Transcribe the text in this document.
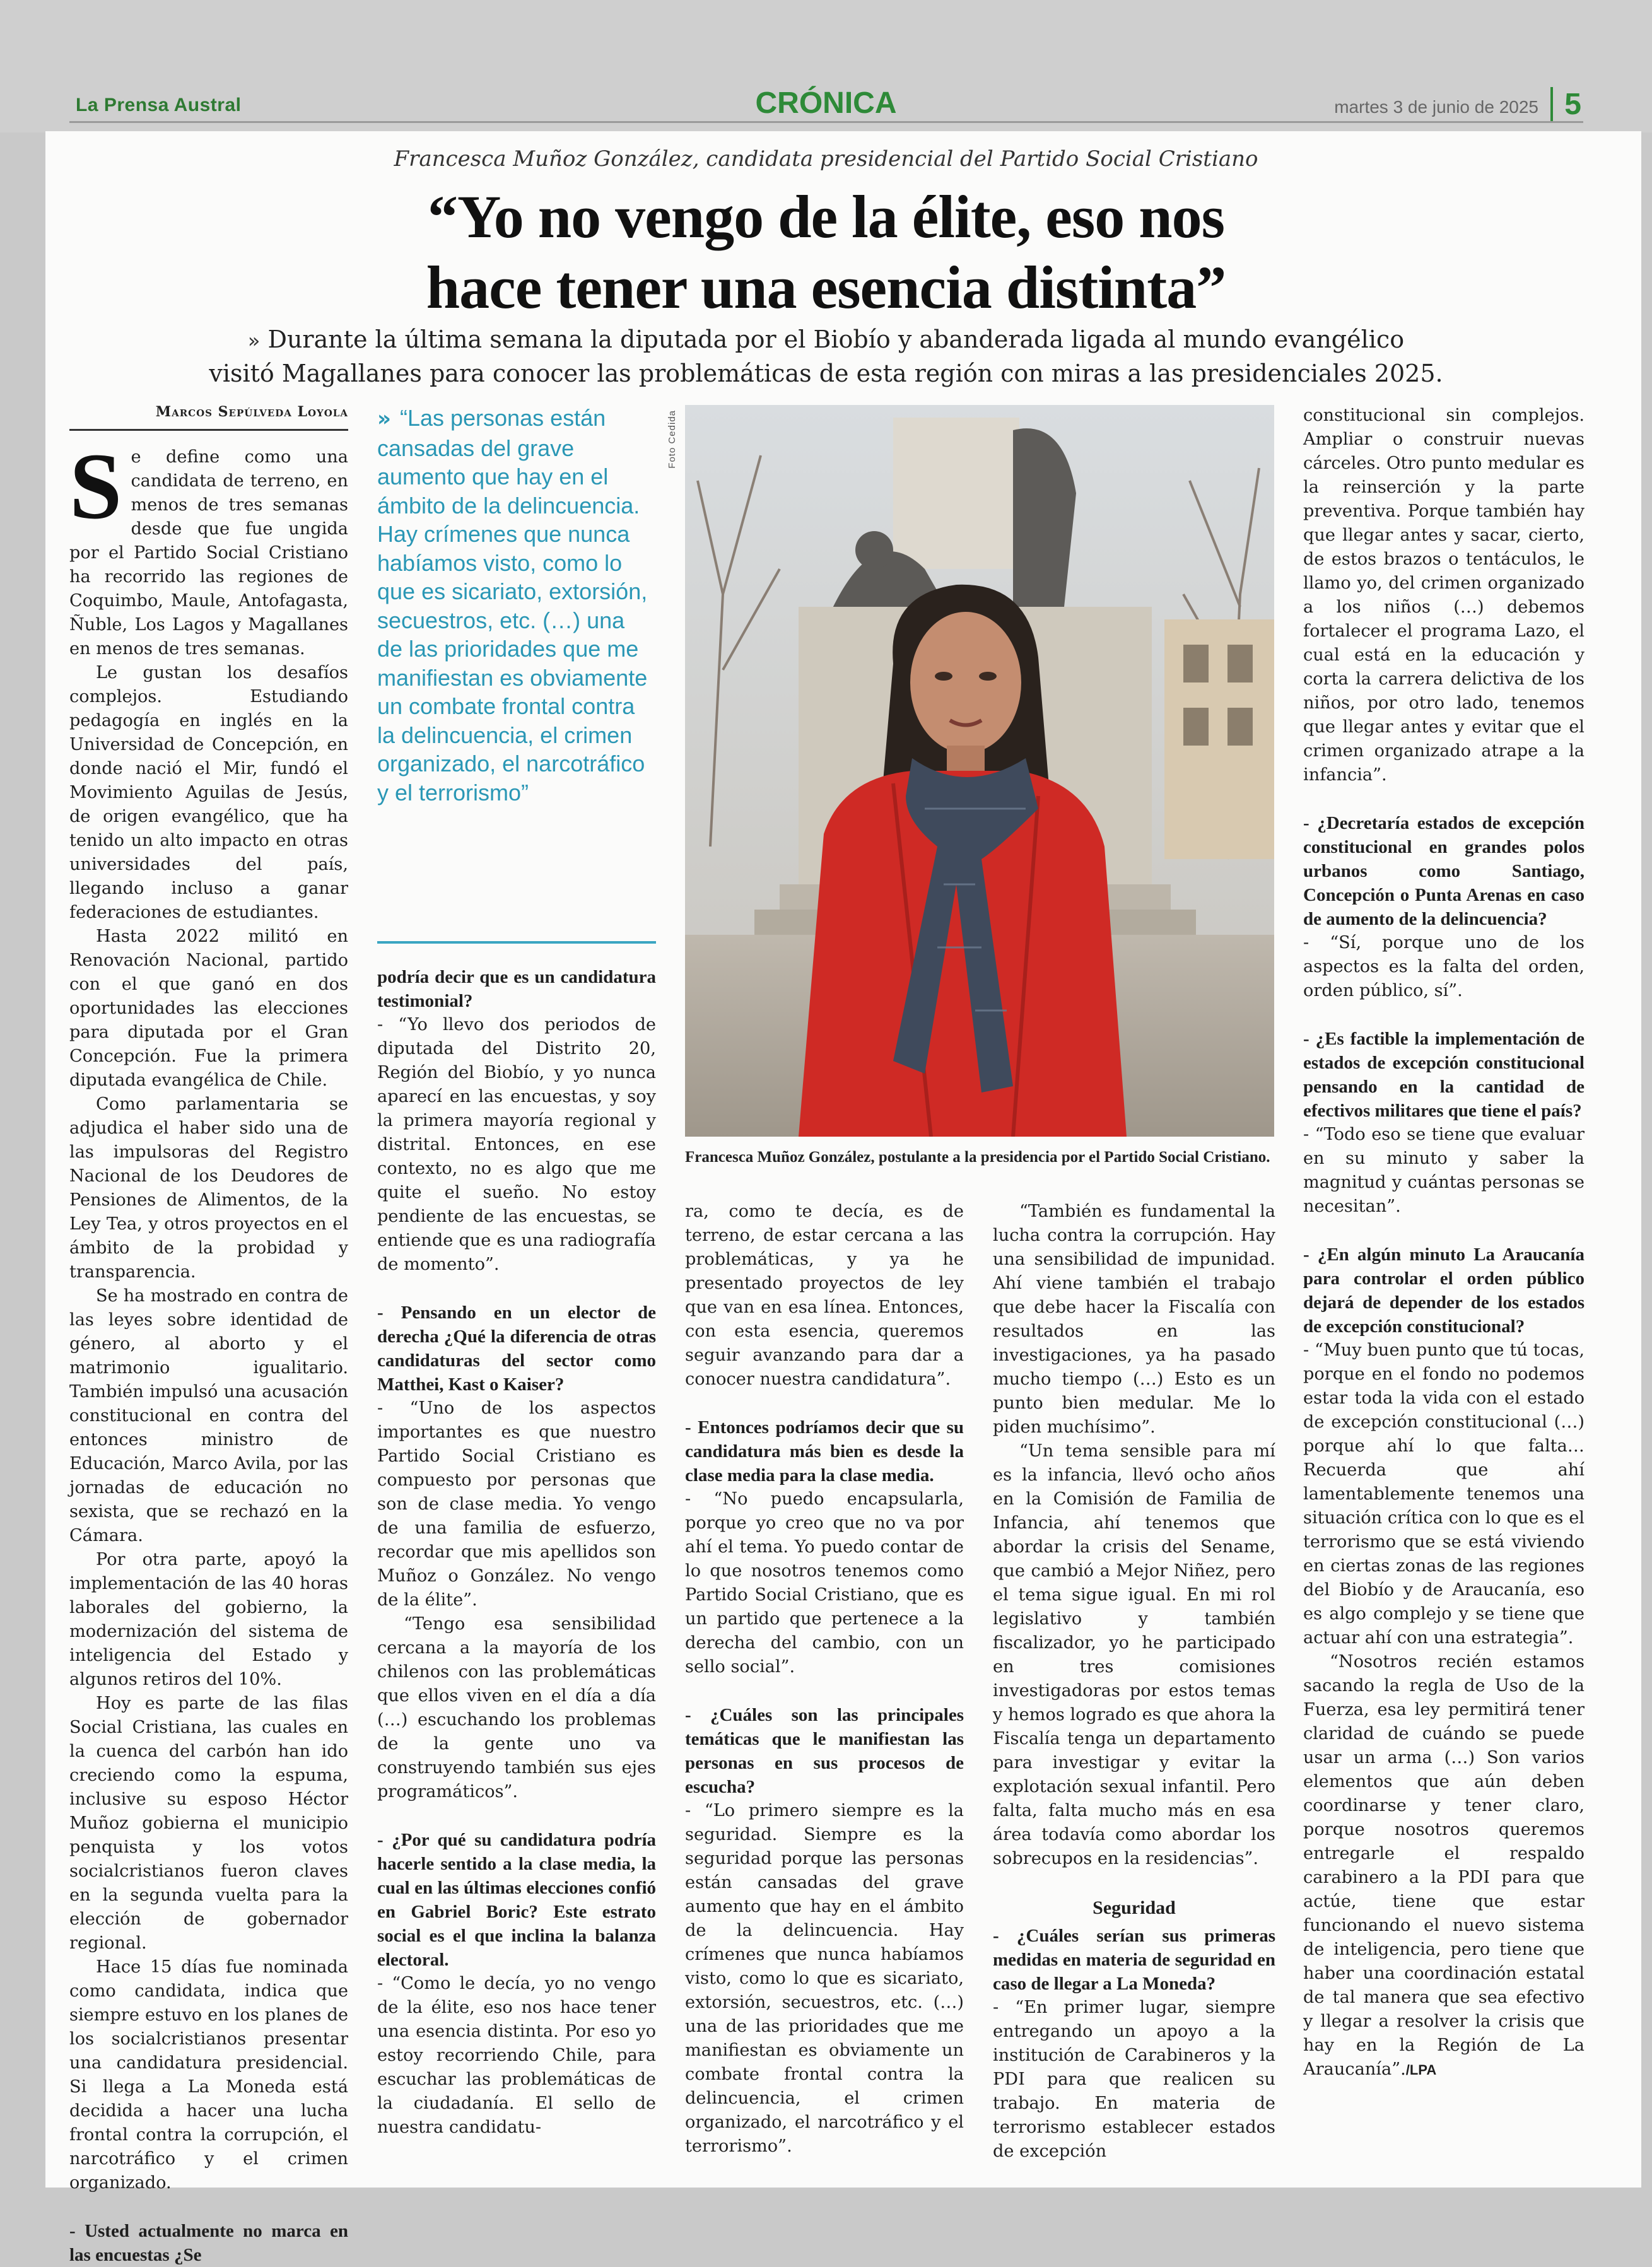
La Prensa Austral	CRÓNICA	martes 3 de junio de 2025 5
Francesca Muñoz González, candidata presidencial del Partido Social Cristiano
“Yo no vengo de la élite, eso nos
hace tener una esencia distinta”
» Durante la última semana la diputada por el Biobío y abanderada ligada al mundo evangélico
visitó Magallanes para conocer las problemáticas de esta región con miras a las presidenciales 2025.
Marcos Sepúlveda Loyola

Se define como una candidata de terreno, en menos de tres semanas desde que fue ungida por el Partido Social Cristiano ha recorrido las regiones de Coquimbo, Maule, Antofagasta, Ñuble, Los Lagos y Magallanes en menos de tres semanas.

Le gustan los desafíos complejos. Estudiando pedagogía en inglés en la Universidad de Concepción, en donde nació el Mir, fundó el Movimiento Aguilas de Jesús, de origen evangélico, que ha tenido un alto impacto en otras universidades del país, llegando incluso a ganar federaciones de estudiantes.

Hasta 2022 militó en Renovación Nacional, partido con el que ganó en dos oportunidades las elecciones para diputada por el Gran Concepción. Fue la primera diputada evangélica de Chile.

Como parlamentaria se adjudica el haber sido una de las impulsoras del Registro Nacional de los Deudores de Pensiones de Alimentos, de la Ley Tea, y otros proyectos en el ámbito de la probidad y transparencia.

Se ha mostrado en contra de las leyes sobre identidad de género, al aborto y el matrimonio igualitario. También impulsó una acusación constitucional en contra del entonces ministro de Educación, Marco Avila, por las jornadas de educación no sexista, que se rechazó en la Cámara.

Por otra parte, apoyó la implementación de las 40 horas laborales del gobierno, la modernización del sistema de inteligencia del Estado y algunos retiros del 10%.

Hoy es parte de las filas Social Cristiana, las cuales en la cuenca del carbón han ido creciendo como la espuma, inclusive su esposo Héctor Muñoz gobierna el municipio penquista y los votos socialcristianos fueron claves en la segunda vuelta para la elección de gobernador regional.

Hace 15 días fue nominada como candidata, indica que siempre estuvo en los planes de los socialcristianos presentar una candidatura presidencial. Si llega a La Moneda está decidida a hacer una lucha frontal contra la corrupción, el narcotráfico y el crimen organizado.

- Usted actualmente no marca en las encuestas ¿Se

» “Las personas están cansadas del grave aumento que hay en el ámbito de la delincuencia. Hay crímenes que nunca habíamos visto, como lo que es sicariato, extorsión, secuestros, etc. (…) una de las prioridades que me manifiestan es obviamente un combate frontal contra la delincuencia, el crimen organizado, el narcotráfico y el terrorismo”

podría decir que es un candidatura testimonial?

- “Yo llevo dos periodos de diputada del Distrito 20, Región del Biobío, y yo nunca aparecí en las encuestas, y soy la primera mayoría regional y distrital. Entonces, en ese contexto, no es algo que me quite el sueño. No estoy pendiente de las encuestas, se entiende que es una radiografía de momento”.

- Pensando en un elector de derecha ¿Qué la diferencia de otras candidaturas del sector como Matthei, Kast o Kaiser?

- “Uno de los aspectos importantes es que nuestro Partido Social Cristiano es compuesto por personas que son de clase media. Yo vengo de una familia de esfuerzo, recordar que mis apellidos son Muñoz o González. No vengo de la élite”.

“Tengo esa sensibilidad cercana a la mayoría de los chilenos con las problemáticas que ellos viven en el día a día (…) escuchando los problemas de la gente uno va construyendo también sus ejes programáticos”.

- ¿Por qué su candidatura podría hacerle sentido a la clase media, la cual en las últimas elecciones confió en Gabriel Boric? Este estrato social es el que inclina la balanza electoral.

- “Como le decía, yo no vengo de la élite, eso nos hace tener una esencia distinta. Por eso yo estoy recorriendo Chile, para escuchar las problemáticas de la ciudadanía. El sello de nuestra candidatu-

Foto Cedida
Francesca Muñoz González, postulante a la presidencia por el Partido Social Cristiano.

ra, como te decía, es de terreno, de estar cercana a las problemáticas, y ya he presentado proyectos de ley que van en esa línea. Entonces, con esta esencia, queremos seguir avanzando para dar a conocer nuestra candidatura”.

- Entonces podríamos decir que su candidatura más bien es desde la clase media para la clase media.

- “No puedo encapsularla, porque yo creo que no va por ahí el tema. Yo puedo contar de lo que nosotros tenemos como Partido Social Cristiano, que es un partido que pertenece a la derecha del cambio, con un sello social”.

- ¿Cuáles son las principales temáticas que le manifiestan las personas en sus procesos de escucha?

- “Lo primero siempre es la seguridad. Siempre es la seguridad porque las personas están cansadas del grave aumento que hay en el ámbito de la delincuencia. Hay crímenes que nunca habíamos visto, como lo que es sicariato, extorsión, secuestros, etc. (…) una de las prioridades que me manifiestan es obviamente un combate frontal contra la delincuencia, el crimen organizado, el narcotráfico y el terrorismo”.

“También es fundamental la lucha contra la corrupción. Hay una sensibilidad de impunidad. Ahí viene también el trabajo que debe hacer la Fiscalía con resultados en las investigaciones, ya ha pasado mucho tiempo (…) Esto es un punto bien medular. Me lo piden muchísimo”.

“Un tema sensible para mí es la infancia, llevó ocho años en la Comisión de Familia de Infancia, ahí tenemos que abordar la crisis del Sename, que cambió a Mejor Niñez, pero el tema sigue igual. En mi rol legislativo y también fiscalizador, yo he participado en tres comisiones investigadoras por estos temas y hemos logrado es que ahora la Fiscalía tenga un departamento para investigar y evitar la explotación sexual infantil. Pero falta, falta mucho más en esa área todavía como abordar los sobrecupos en la residencias”.

Seguridad

- ¿Cuáles serían sus primeras medidas en materia de seguridad en caso de llegar a La Moneda?

- “En primer lugar, siempre entregando un apoyo a la institución de Carabineros y la PDI para que realicen su trabajo. En materia de terrorismo establecer estados de excepción

constitucional sin complejos. Ampliar o construir nuevas cárceles. Otro punto medular es la reinserción y la parte preventiva. Porque también hay que llegar antes y sacar, cierto, de estos brazos o tentáculos, le llamo yo, del crimen organizado a los niños (…) debemos fortalecer el programa Lazo, el cual está en la educación y corta la carrera delictiva de los niños, por otro lado, tenemos que llegar antes y evitar que el crimen organizado atrape a la infancia”.

- ¿Decretaría estados de excepción constitucional en grandes polos urbanos como Santiago, Concepción o Punta Arenas en caso de aumento de la delincuencia?

- “Sí, porque uno de los aspectos es la falta del orden, orden público, sí”.

- ¿Es factible la implementación de estados de excepción constitucional pensando en la cantidad de efectivos militares que tiene el país?

- “Todo eso se tiene que evaluar en su minuto y saber la magnitud y cuántas personas se necesitan”.

- ¿En algún minuto La Araucanía para controlar el orden público dejará de depender de los estados de excepción constitucional?

- “Muy buen punto que tú tocas, porque en el fondo no podemos estar toda la vida con el estado de excepción constitucional (…) porque ahí lo que falta… Recuerda que ahí lamentablemente tenemos una situación crítica con lo que es el terrorismo que se está viviendo en ciertas zonas de las regiones del Biobío y de Araucanía, eso es algo complejo y se tiene que actuar ahí con una estrategia”.

“Nosotros recién estamos sacando la regla de Uso de la Fuerza, esa ley permitirá tener claridad de cuándo se puede usar un arma (…) Son varios elementos que aún deben coordinarse y tener claro, porque nosotros queremos entregarle el respaldo carabinero a la PDI para que actúe, tiene que estar funcionando el nuevo sistema de inteligencia, pero tiene que haber una coordinación estatal de tal manera que sea efectivo y llegar a resolver la crisis que hay en la Región de La Araucanía”./LPA
